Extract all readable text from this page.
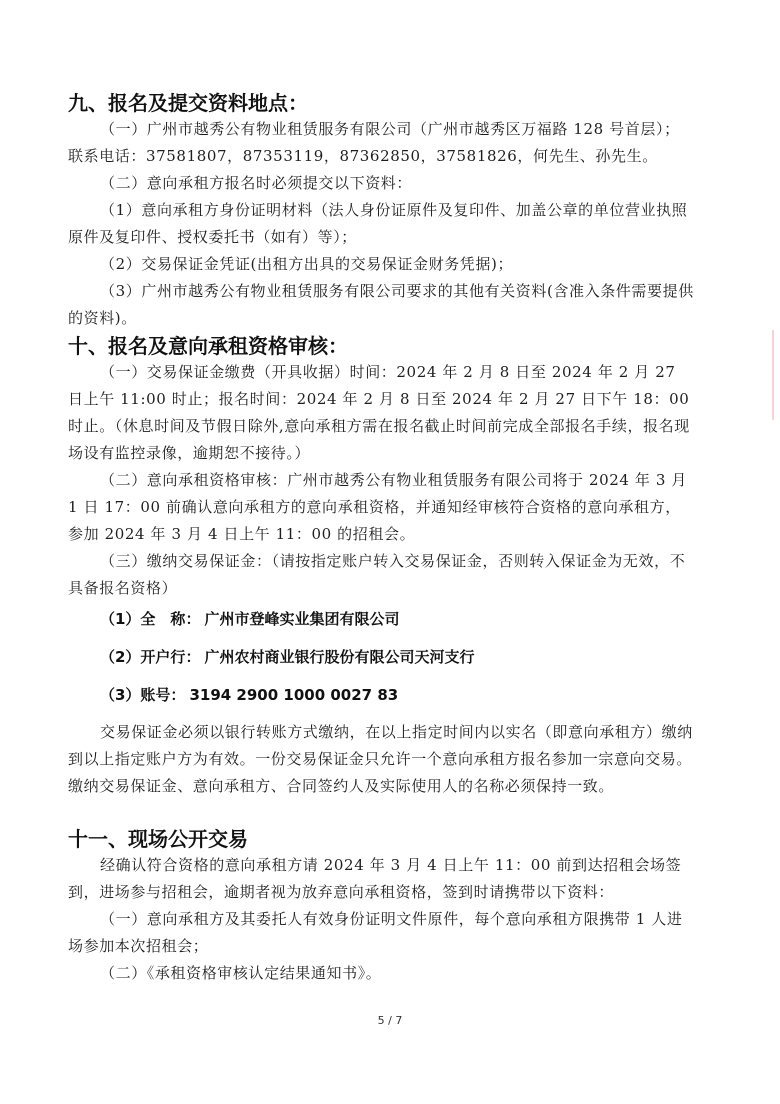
九、报名及提交资料地点：

（一）广州市越秀公有物业租赁服务有限公司（广州市越秀区万福路 128 号首层）； 联系电话：37581807，87353119，87362850，37581826，何先生、孙先生。

（二）意向承租方报名时必须提交以下资料：

（1）意向承租方身份证明材料（法人身份证原件及复印件、加盖公章的单位营业执照原件及复印件、授权委托书（如有）等）；

（2）交易保证金凭证(出租方出具的交易保证金财务凭据)；

（3）广州市越秀公有物业租赁服务有限公司要求的其他有关资料(含准入条件需要提供的资料)。

十、报名及意向承租资格审核：

（一）交易保证金缴费（开具收据）时间：2024 年 2 月 8 日至 2024 年 2 月 27 日上午 11:00 时止；报名时间：2024 年 2 月 8 日至 2024 年 2 月 27 日下午 18：00 时止。（休息时间及节假日除外,意向承租方需在报名截止时间前完成全部报名手续，报名现场设有监控录像，逾期恕不接待。）

（二）意向承租资格审核：广州市越秀公有物业租赁服务有限公司将于 2024 年 3 月 1 日 17：00 前确认意向承租方的意向承租资格，并通知经审核符合资格的意向承租方，参加 2024 年 3 月 4 日上午 11：00 的招租会。

（三）缴纳交易保证金：（请按指定账户转入交易保证金，否则转入保证金为无效，不具备报名资格）

（1）全　称： 广州市登峰实业集团有限公司
（2）开户行： 广州农村商业银行股份有限公司天河支行
（3）账号： 3194 2900 1000 0027 83

交易保证金必须以银行转账方式缴纳，在以上指定时间内以实名（即意向承租方）缴纳到以上指定账户方为有效。一份交易保证金只允许一个意向承租方报名参加一宗意向交易。缴纳交易保证金、意向承租方、合同签约人及实际使用人的名称必须保持一致。

十一、现场公开交易

经确认符合资格的意向承租方请 2024 年 3 月 4 日上午 11：00 前到达招租会场签到，进场参与招租会，逾期者视为放弃意向承租资格，签到时请携带以下资料：

（一）意向承租方及其委托人有效身份证明文件原件，每个意向承租方限携带 1 人进场参加本次招租会；

（二）《承租资格审核认定结果通知书》。

5 / 7
